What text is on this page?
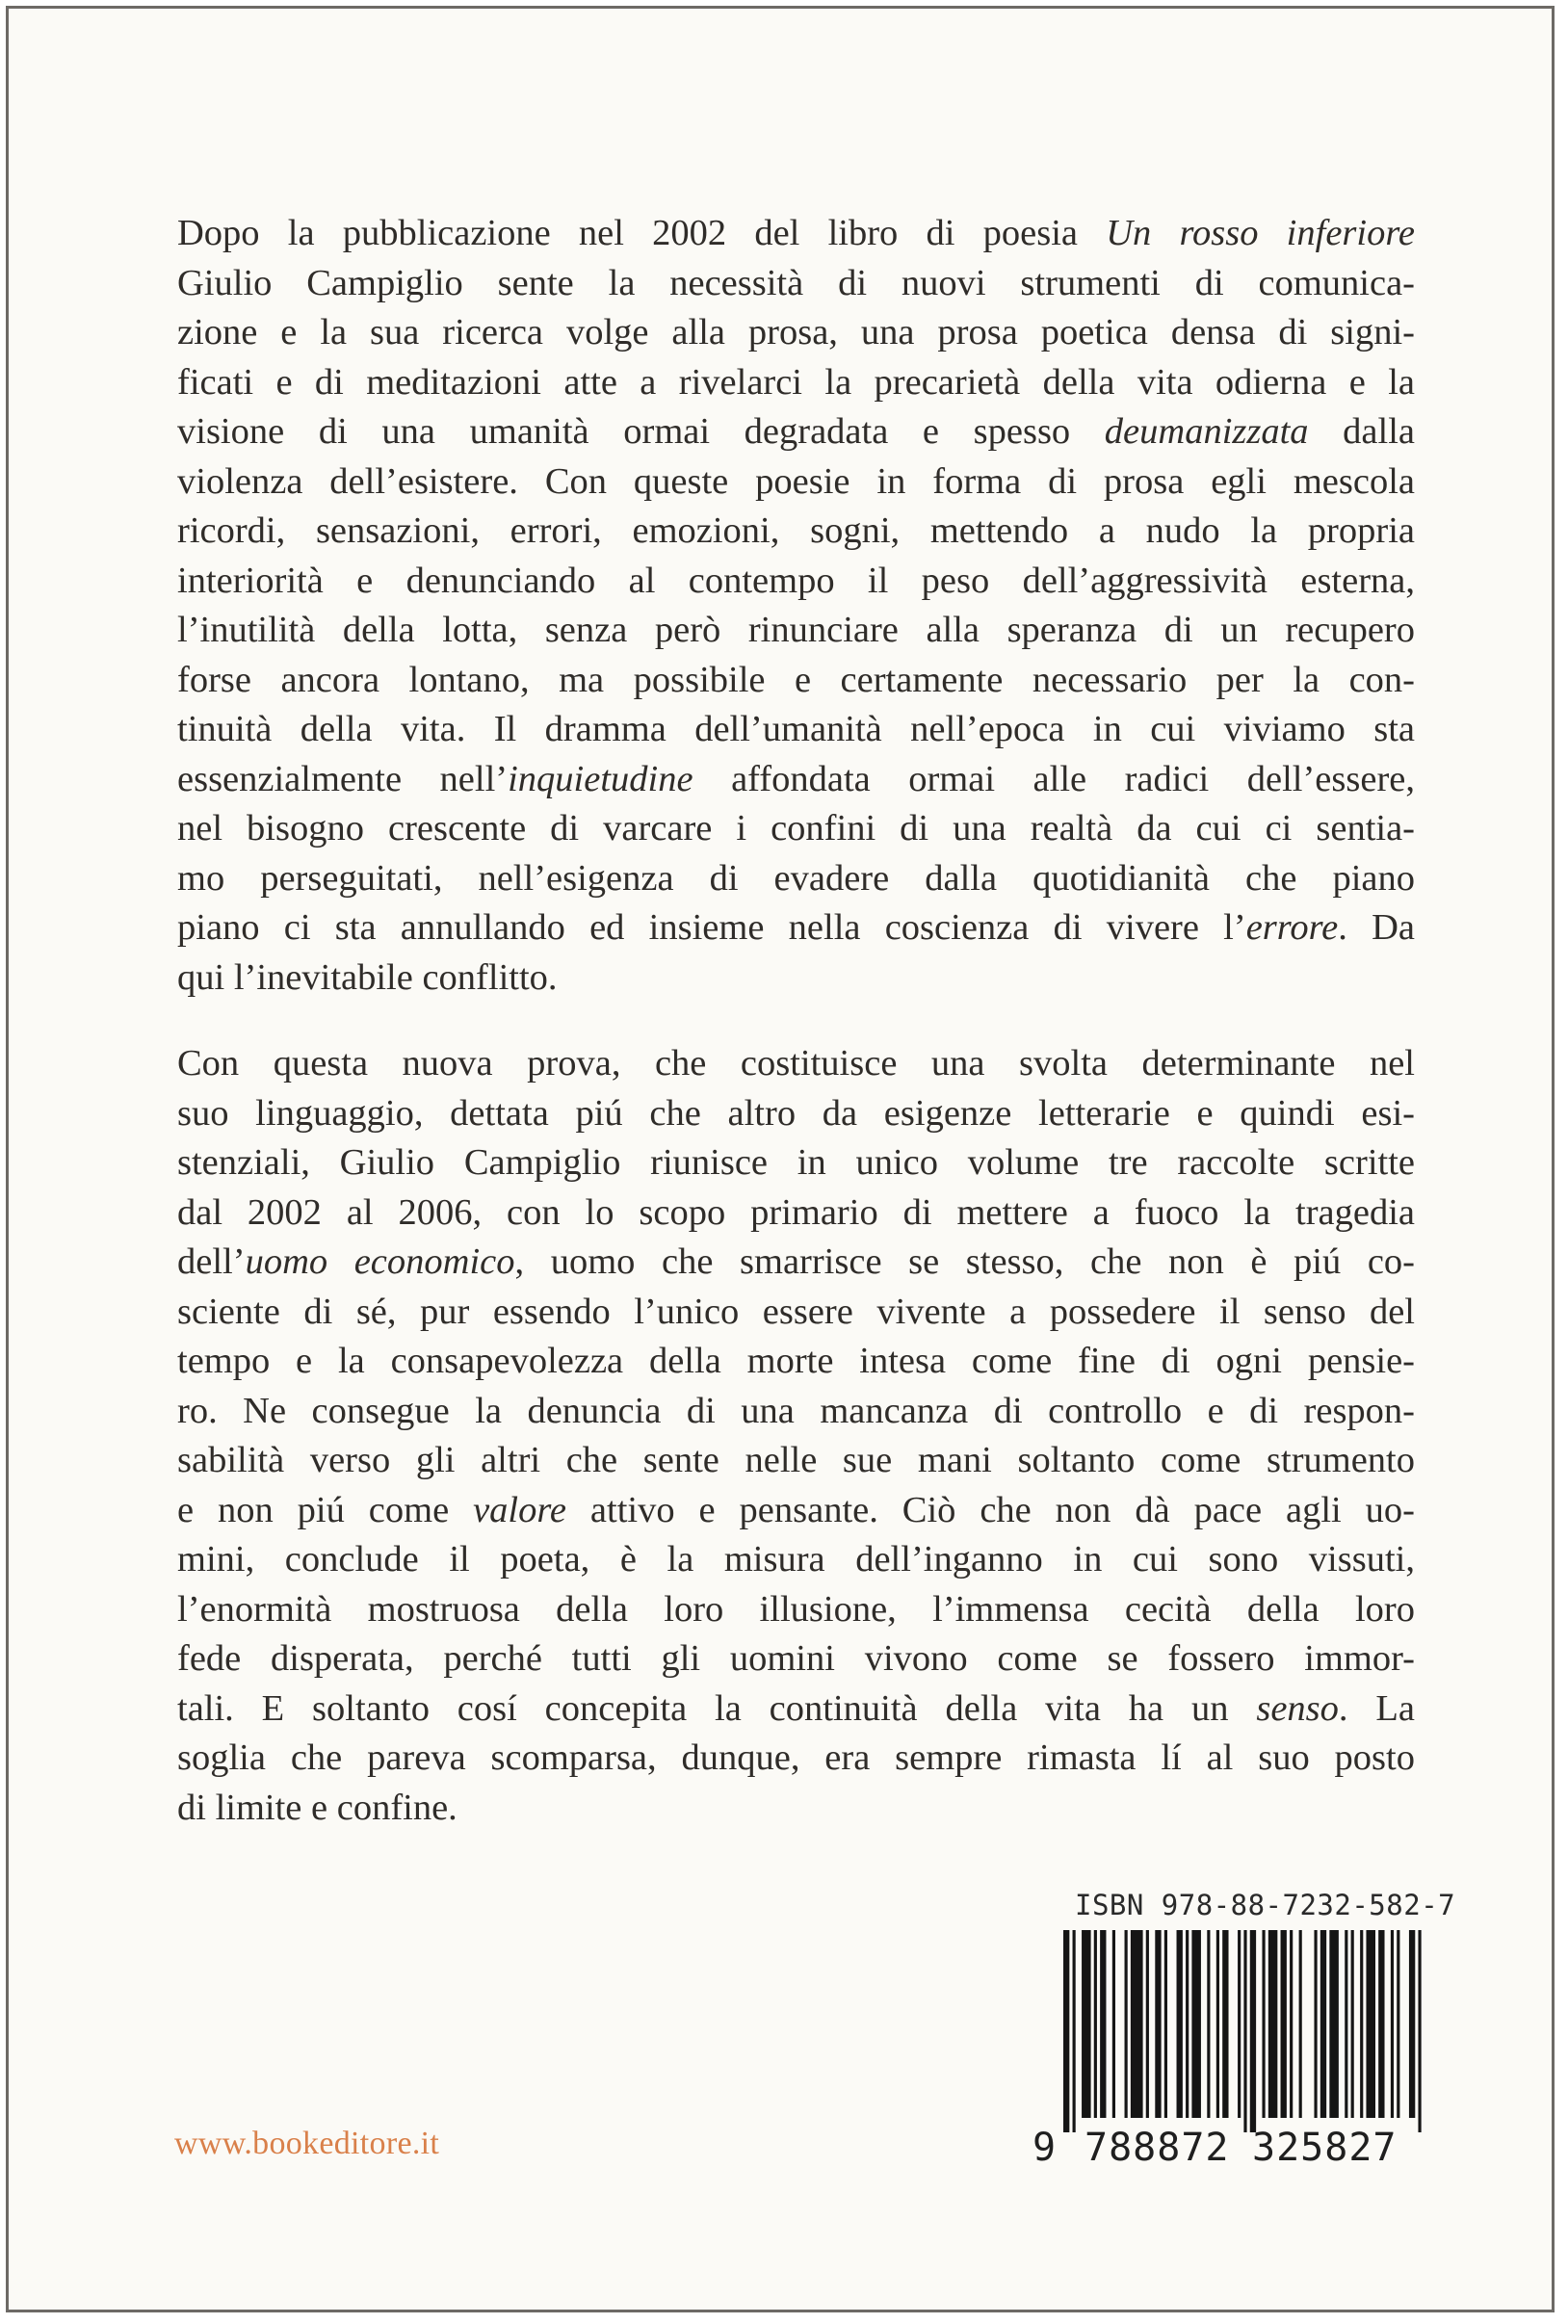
Dopo la pubblicazione nel 2002 del libro di poesia Un rosso inferiore
Giulio Campiglio sente la necessità di nuovi strumenti di comunica-
zione e la sua ricerca volge alla prosa, una prosa poetica densa di signi-
ficati e di meditazioni atte a rivelarci la precarietà della vita odierna e la
visione di una umanità ormai degradata e spesso deumanizzata dalla
violenza dell’esistere. Con queste poesie in forma di prosa egli mescola
ricordi, sensazioni, errori, emozioni, sogni, mettendo a nudo la propria
interiorità e denunciando al contempo il peso dell’aggressività esterna,
l’inutilità della lotta, senza però rinunciare alla speranza di un recupero
forse ancora lontano, ma possibile e certamente necessario per la con-
tinuità della vita. Il dramma dell’umanità nell’epoca in cui viviamo sta
essenzialmente nell’inquietudine affondata ormai alle radici dell’essere,
nel bisogno crescente di varcare i confini di una realtà da cui ci sentia-
mo perseguitati, nell’esigenza di evadere dalla quotidianità che piano
piano ci sta annullando ed insieme nella coscienza di vivere l’errore. Da
qui l’inevitabile conflitto.
Con questa nuova prova, che costituisce una svolta determinante nel
suo linguaggio, dettata piú che altro da esigenze letterarie e quindi esi-
stenziali, Giulio Campiglio riunisce in unico volume tre raccolte scritte
dal 2002 al 2006, con lo scopo primario di mettere a fuoco la tragedia
dell’uomo economico, uomo che smarrisce se stesso, che non è piú co-
sciente di sé, pur essendo l’unico essere vivente a possedere il senso del
tempo e la consapevolezza della morte intesa come fine di ogni pensie-
ro. Ne consegue la denuncia di una mancanza di controllo e di respon-
sabilità verso gli altri che sente nelle sue mani soltanto come strumento
e non piú come valore attivo e pensante. Ciò che non dà pace agli uo-
mini, conclude il poeta, è la misura dell’inganno in cui sono vissuti,
l’enormità mostruosa della loro illusione, l’immensa cecità della loro
fede disperata, perché tutti gli uomini vivono come se fossero immor-
tali. E soltanto cosí concepita la continuità della vita ha un senso. La
soglia che pareva scomparsa, dunque, era sempre rimasta lí al suo posto
di limite e confine.
ISBN 978-88-7232-582-7
9 788872 325827
www.bookeditore.it
